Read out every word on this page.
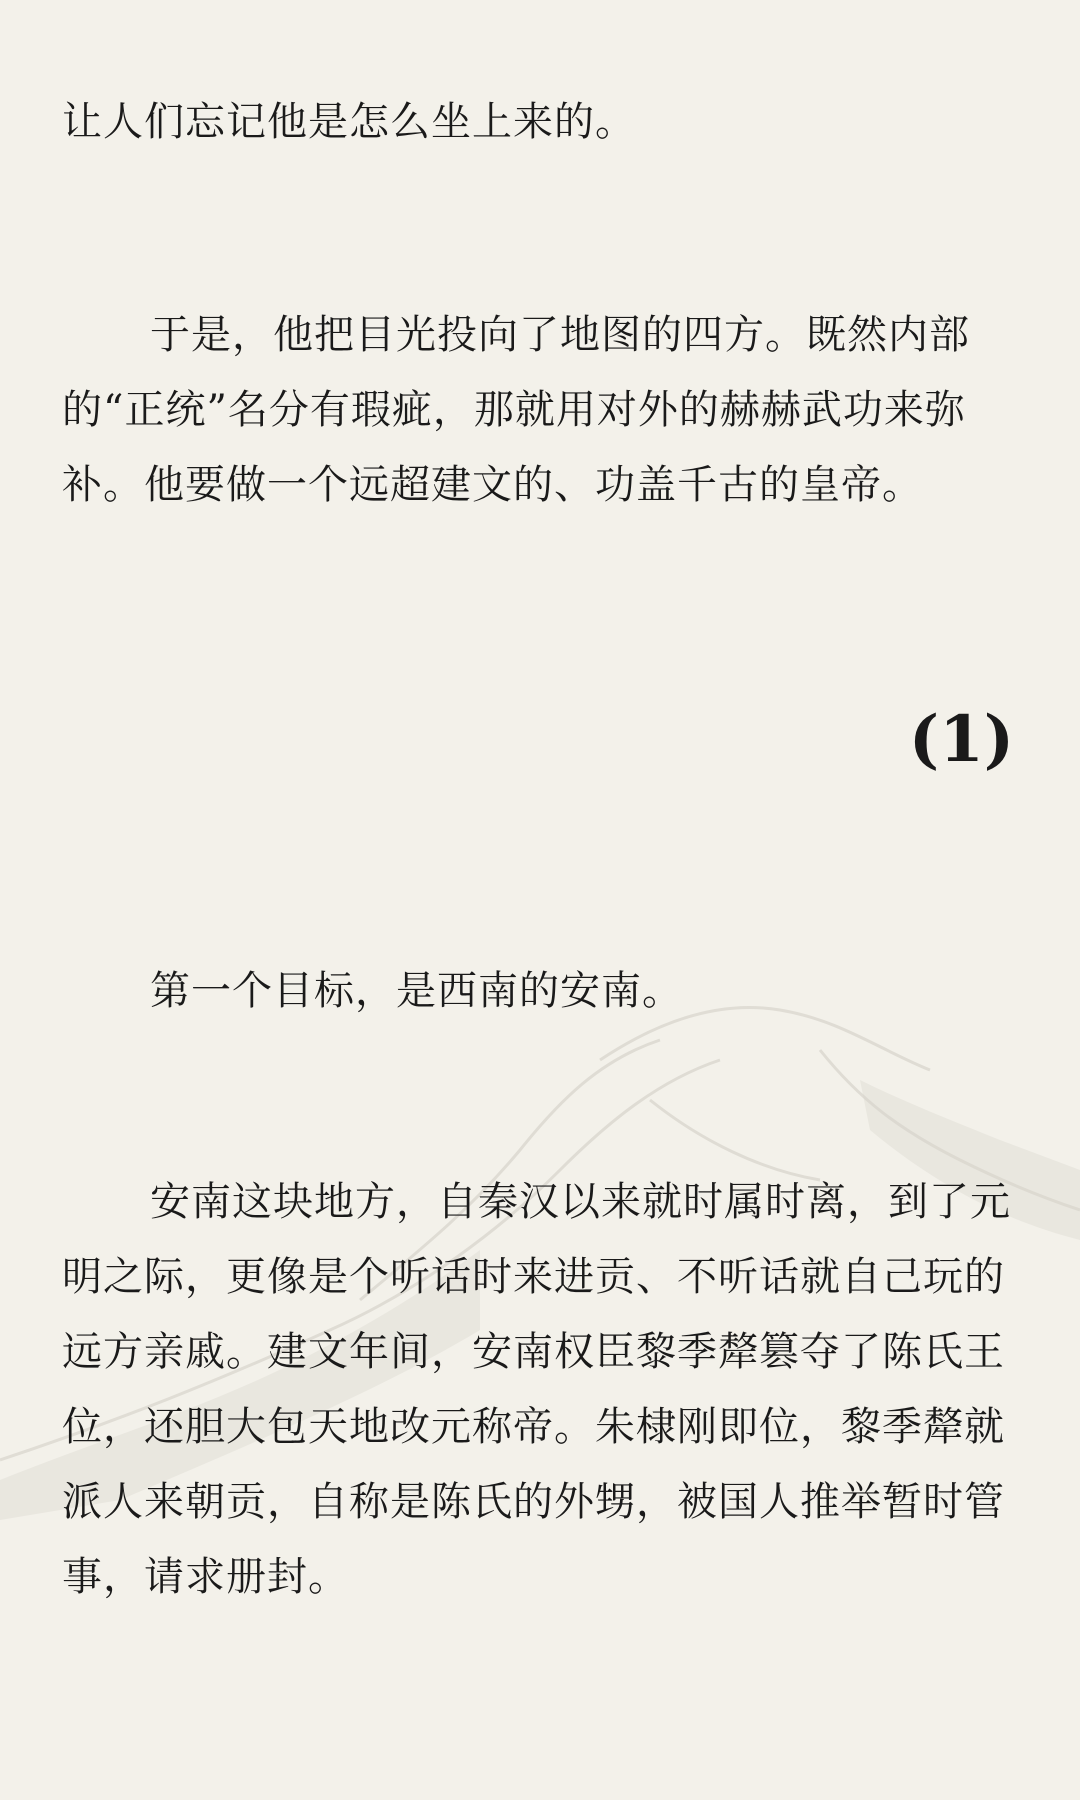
让人们忘记他是怎么坐上来的。

于是，他把目光投向了地图的四方。既然内部的“正统”名分有瑕疵，那就用对外的赫赫武功来弥补。他要做一个远超建文的、功盖千古的皇帝。

(1)

第一个目标，是西南的安南。

安南这块地方，自秦汉以来就时属时离，到了元明之际，更像是个听话时来进贡、不听话就自己玩的远方亲戚。建文年间，安南权臣黎季犛篡夺了陈氏王位，还胆大包天地改元称帝。朱棣刚即位，黎季犛就派人来朝贡，自称是陈氏的外甥，被国人推举暂时管事，请求册封。
